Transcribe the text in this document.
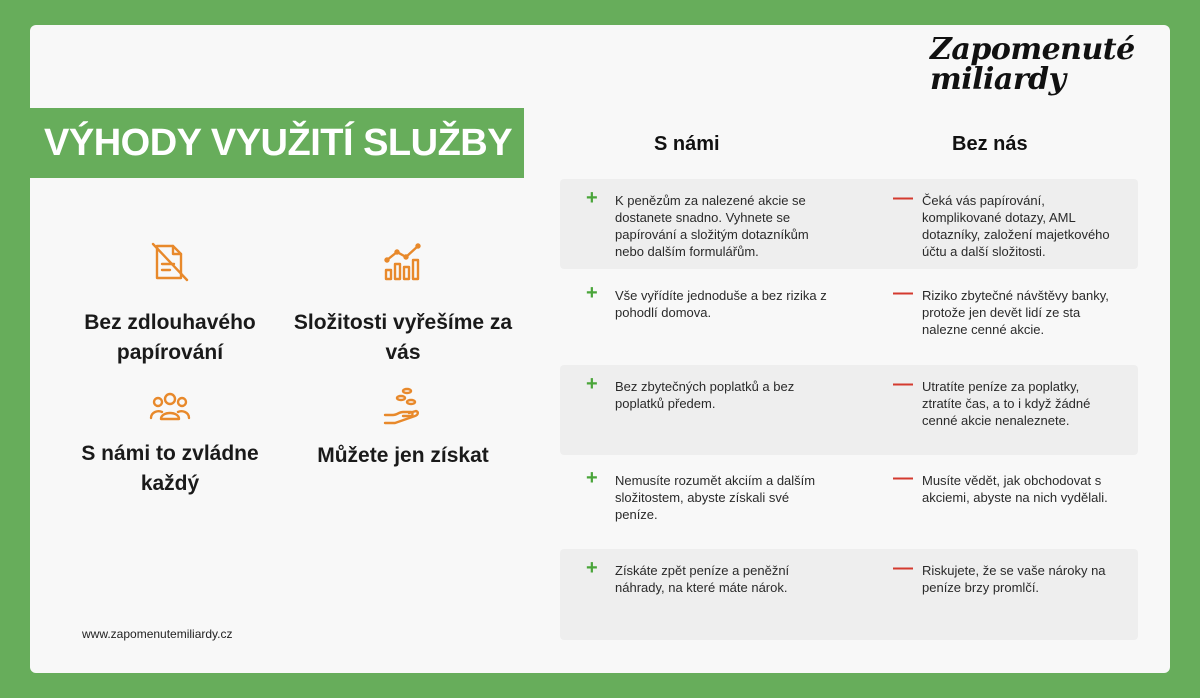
Zapomenuté
miliardy
VÝHODY VYUŽITÍ SLUŽBY
Bez zdlouhavého papírování
Složitosti vyřešíme za vás
S námi to zvládne každý
Můžete jen získat
www.zapomenutemiliardy.cz
S námi	Bez nás
+ K penězům za nalezené akcie se dostanete snadno. Vyhnete se papírování a složitým dotazníkům nebo dalším formulářům.
— Čeká vás papírování, komplikované dotazy, AML dotazníky, založení majetkového účtu a další složitosti.
+ Vše vyřídíte jednoduše a bez rizika z pohodlí domova.
— Riziko zbytečné návštěvy banky, protože jen devět lidí ze sta nalezne cenné akcie.
+ Bez zbytečných poplatků a bez poplatků předem.
— Utratíte peníze za poplatky, ztratíte čas, a to i když žádné cenné akcie nenaleznete.
+ Nemusíte rozumět akciím a dalším složitostem, abyste získali své peníze.
— Musíte vědět, jak obchodovat s akciemi, abyste na nich vydělali.
+ Získáte zpět peníze a peněžní náhrady, na které máte nárok.
— Riskujete, že se vaše nároky na peníze brzy promlčí.
